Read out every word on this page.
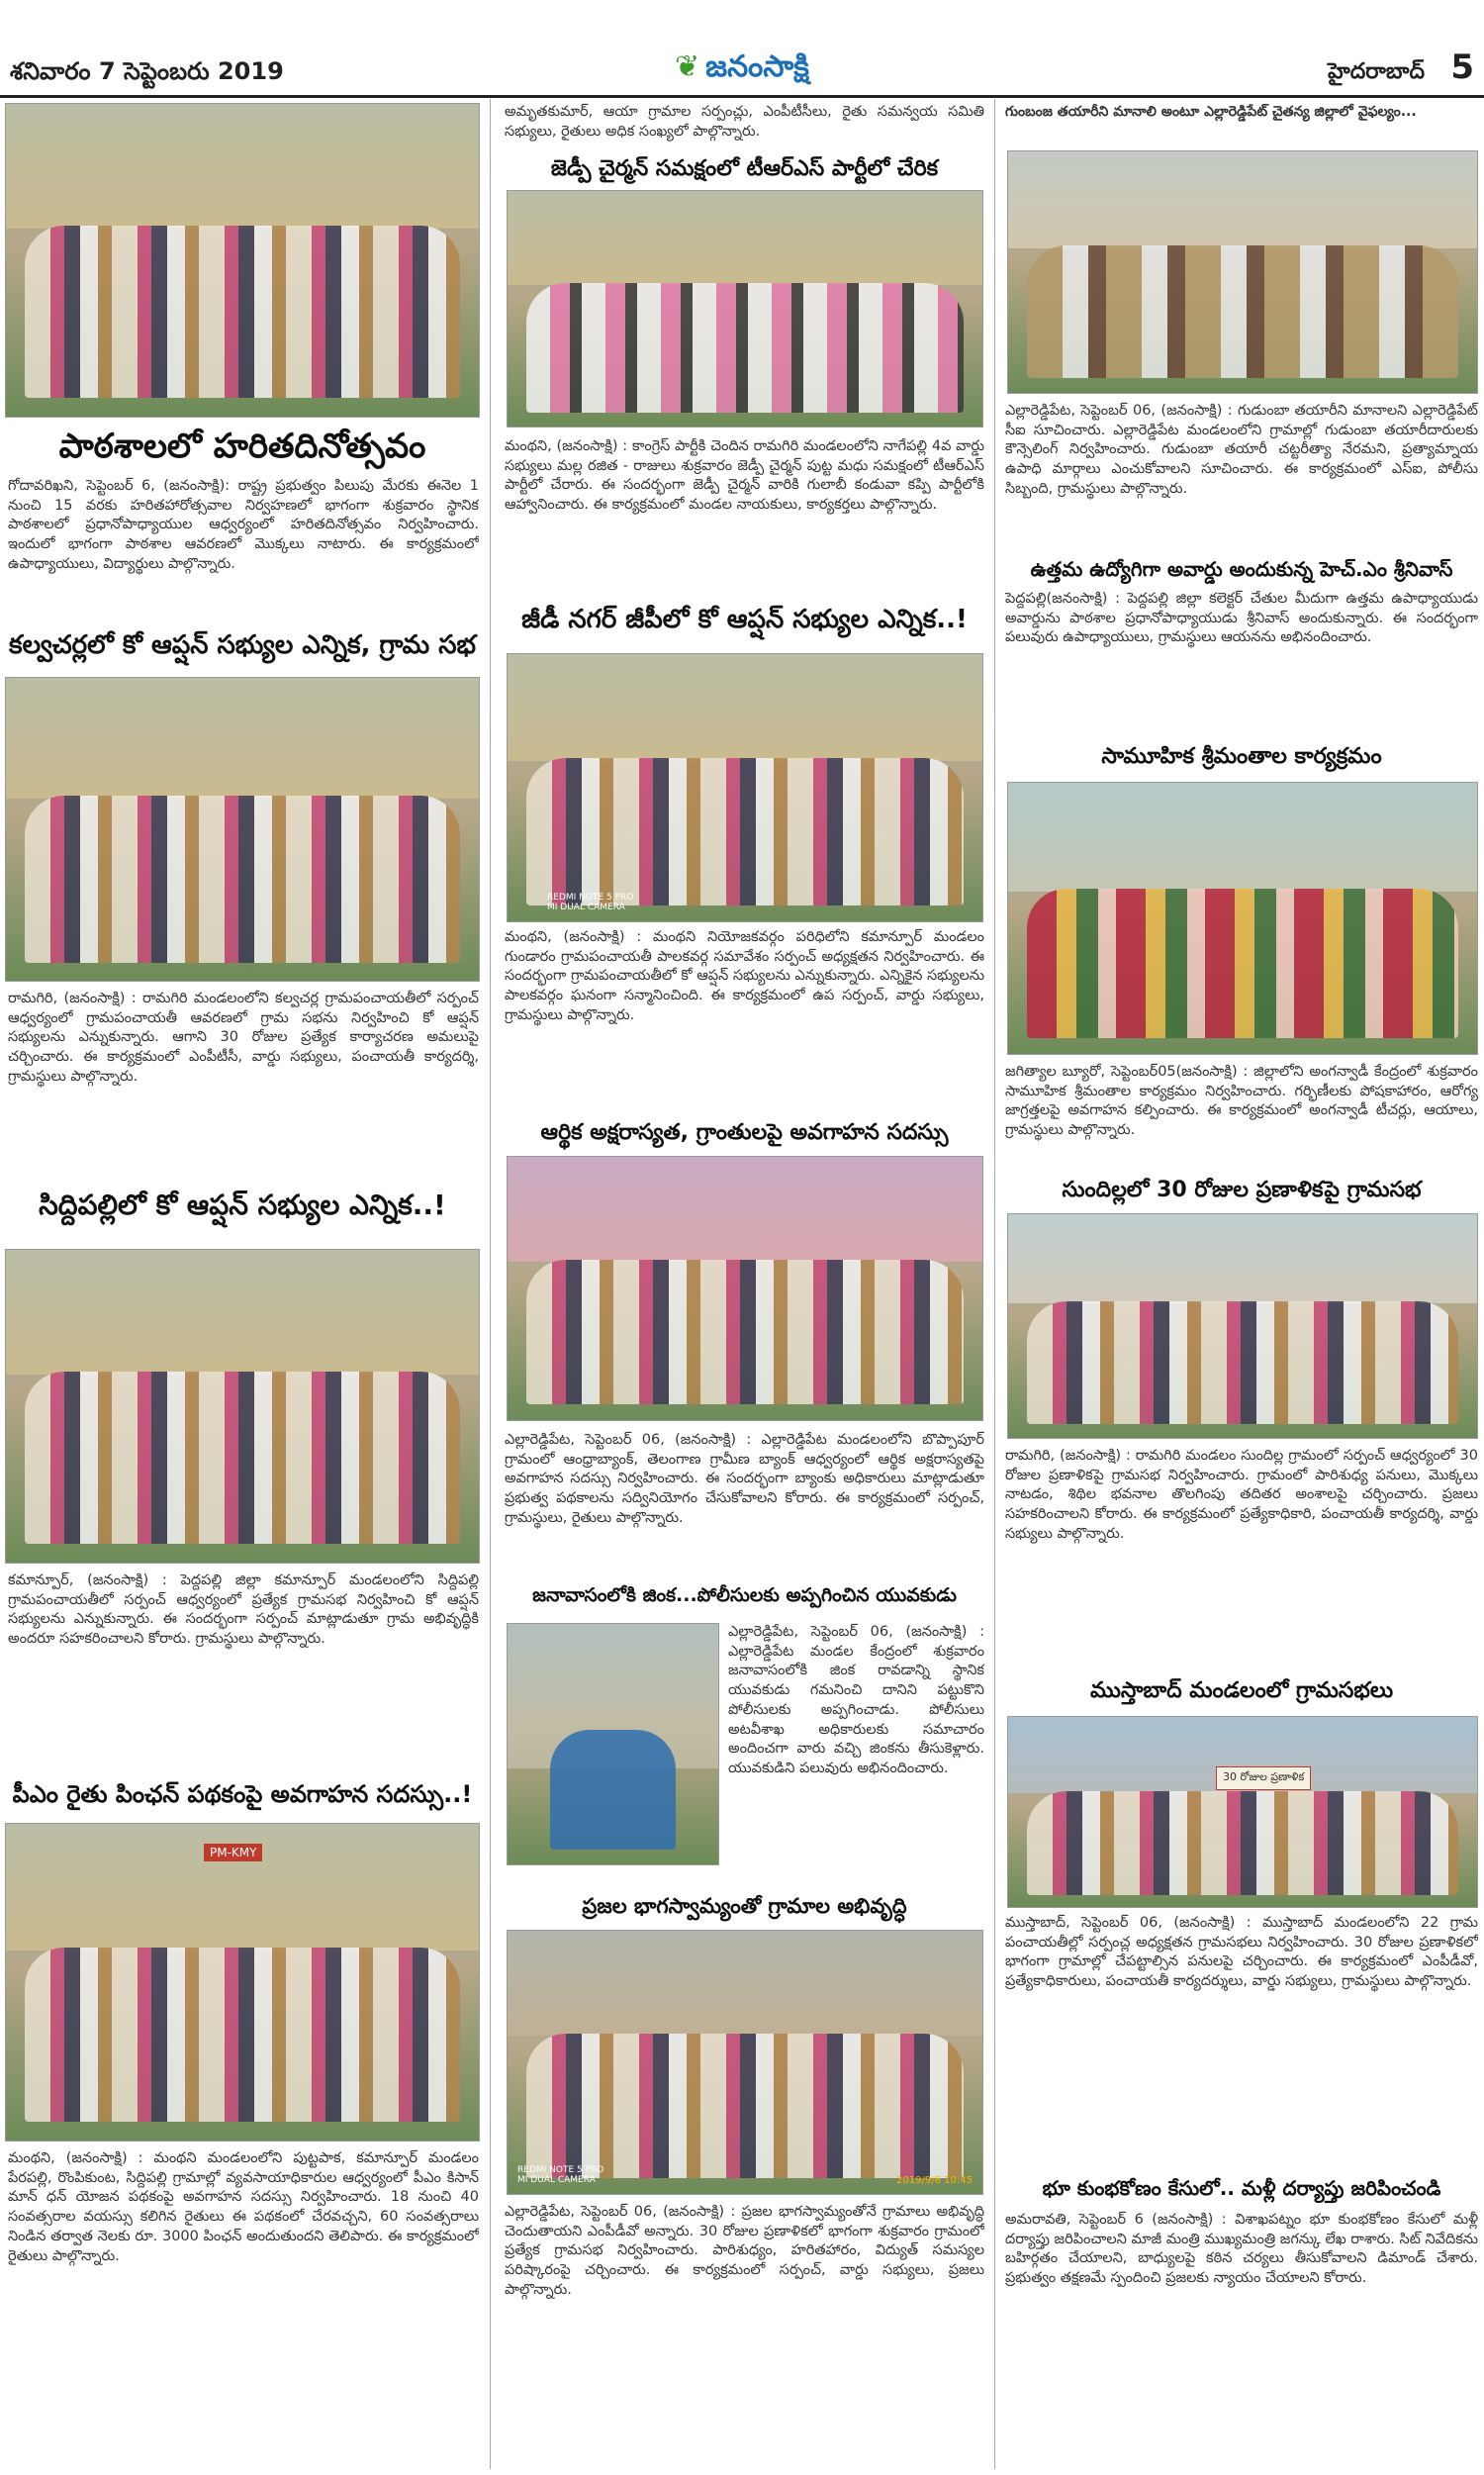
శనివారం 7 సెప్టెంబరు 2019	❦ జనంసాక్షి	హైదరాబాద్ 5
పాఠశాలలో హరితదినోత్సవం
గోదావరిఖని, సెప్టెంబర్ 6, (జనంసాక్షి): రాష్ట్ర ప్రభుత్వం పిలుపు మేరకు ఈనెల 1 నుంచి 15 వరకు హరితహారోత్సవాల నిర్వహణలో భాగంగా శుక్రవారం స్థానిక పాఠశాలలో ప్రధానోపాధ్యాయుల ఆధ్వర్యంలో హరితదినోత్సవం నిర్వహించారు. ఇందులో భాగంగా పాఠశాల ఆవరణలో మొక్కలు నాటారు. ఈ కార్యక్రమంలో ఉపాధ్యాయులు, విద్యార్థులు పాల్గొన్నారు.
కల్వచర్లలో కో ఆప్షన్ సభ్యుల ఎన్నిక, గ్రామ సభ
రామగిరి, (జనంసాక్షి) : రామగిరి మండలంలోని కల్వచర్ల గ్రామపంచాయతీలో సర్పంచ్ ఆధ్వర్యంలో గ్రామపంచాయతీ ఆవరణలో గ్రామ సభను నిర్వహించి కో ఆప్షన్ సభ్యులను ఎన్నుకున్నారు. ఆగాని 30 రోజుల ప్రత్యేక కార్యాచరణ అమలుపై చర్చించారు. ఈ కార్యక్రమంలో ఎంపీటీసీ, వార్డు సభ్యులు, పంచాయతీ కార్యదర్శి, గ్రామస్థులు పాల్గొన్నారు.
సిద్దిపల్లిలో కో ఆప్షన్ సభ్యుల ఎన్నిక..!
కమాన్పూర్, (జనంసాక్షి) : పెద్దపల్లి జిల్లా కమాన్పూర్ మండలంలోని సిద్దిపల్లి గ్రామపంచాయతీలో సర్పంచ్ ఆధ్వర్యంలో ప్రత్యేక గ్రామసభ నిర్వహించి కో ఆప్షన్ సభ్యులను ఎన్నుకున్నారు. ఈ సందర్భంగా సర్పంచ్ మాట్లాడుతూ గ్రామ అభివృద్ధికి అందరూ సహకరించాలని కోరారు. గ్రామస్థులు పాల్గొన్నారు.
పీఎం రైతు పింఛన్ పథకంపై అవగాహన సదస్సు..!
PM-KMY
మంథని, (జనంసాక్షి) : మంథని మండలంలోని పుట్టపాక, కమాన్పూర్ మండలం పేరపల్లి, రొంపికుంట, సిద్దిపల్లి గ్రామాల్లో వ్యవసాయాధికారుల ఆధ్వర్యంలో పీఎం కిసాన్ మాన్ ధన్ యోజన పథకంపై అవగాహన సదస్సు నిర్వహించారు. 18 నుంచి 40 సంవత్సరాల వయస్సు కలిగిన రైతులు ఈ పథకంలో చేరవచ్చని, 60 సంవత్సరాలు నిండిన తర్వాత నెలకు రూ. 3000 పింఛన్ అందుతుందని తెలిపారు. ఈ కార్యక్రమంలో రైతులు పాల్గొన్నారు.
అమృతకుమార్, ఆయా గ్రామాల సర్పంచ్లు, ఎంపీటీసీలు, రైతు సమన్వయ సమితి సభ్యులు, రైతులు అధిక సంఖ్యలో పాల్గొన్నారు.
జెడ్పీ చైర్మన్ సమక్షంలో టీఆర్ఎస్ పార్టీలో చేరిక
మంథని, (జనంసాక్షి) : కాంగ్రెస్ పార్టీకి చెందిన రామగిరి మండలంలోని నాగేపల్లి 4వ వార్డు సభ్యులు మల్ల రజిత - రాజులు శుక్రవారం జెడ్పీ చైర్మన్ పుట్ట మధు సమక్షంలో టీఆర్ఎస్ పార్టీలో చేరారు. ఈ సందర్భంగా జెడ్పీ చైర్మన్ వారికి గులాబీ కండువా కప్పి పార్టీలోకి ఆహ్వానించారు. ఈ కార్యక్రమంలో మండల నాయకులు, కార్యకర్తలు పాల్గొన్నారు.
జీడీ నగర్ జీపీలో కో ఆప్షన్ సభ్యుల ఎన్నిక..!
REDMI NOTE 5 PRO
MI DUAL CAMERA
మంథని, (జనంసాక్షి) : మంథని నియోజకవర్గం పరిధిలోని కమాన్పూర్ మండలం గుండారం గ్రామపంచాయతీ పాలకవర్గ సమావేశం సర్పంచ్ అధ్యక్షతన నిర్వహించారు. ఈ సందర్భంగా గ్రామపంచాయతీలో కో ఆప్షన్ సభ్యులను ఎన్నుకున్నారు. ఎన్నికైన సభ్యులను పాలకవర్గం ఘనంగా సన్మానించింది. ఈ కార్యక్రమంలో ఉప సర్పంచ్, వార్డు సభ్యులు, గ్రామస్థులు పాల్గొన్నారు.
ఆర్థిక అక్షరాస్యత, గ్రాంతులపై అవగాహన సదస్సు
ఎల్లారెడ్డిపేట, సెప్టెంబర్ 06, (జనంసాక్షి) : ఎల్లారెడ్డిపేట మండలంలోని బొప్పాపూర్ గ్రామంలో ఆంధ్రాబ్యాంక్, తెలంగాణ గ్రామీణ బ్యాంక్ ఆధ్వర్యంలో ఆర్థిక అక్షరాస్యతపై అవగాహన సదస్సు నిర్వహించారు. ఈ సందర్భంగా బ్యాంకు అధికారులు మాట్లాడుతూ ప్రభుత్వ పథకాలను సద్వినియోగం చేసుకోవాలని కోరారు. ఈ కార్యక్రమంలో సర్పంచ్, గ్రామస్థులు, రైతులు పాల్గొన్నారు.
జనావాసంలోకి జింక...పోలీసులకు అప్పగించిన యువకుడు
ఎల్లారెడ్డిపేట, సెప్టెంబర్ 06, (జనంసాక్షి) : ఎల్లారెడ్డిపేట మండల కేంద్రంలో శుక్రవారం జనావాసంలోకి జింక రావడాన్ని స్థానిక యువకుడు గమనించి దానిని పట్టుకొని పోలీసులకు అప్పగించాడు. పోలీసులు అటవీశాఖ అధికారులకు సమాచారం అందించగా వారు వచ్చి జింకను తీసుకెళ్లారు. యువకుడిని పలువురు అభినందించారు.
ప్రజల భాగస్వామ్యంతో గ్రామాల అభివృద్ధి
REDMI NOTE 5 PRO
MI DUAL CAMERA	2019/9/6 10:45
ఎల్లారెడ్డిపేట, సెప్టెంబర్ 06, (జనంసాక్షి) : ప్రజల భాగస్వామ్యంతోనే గ్రామాలు అభివృద్ధి చెందుతాయని ఎంపీడీవో అన్నారు. 30 రోజుల ప్రణాళికలో భాగంగా శుక్రవారం గ్రామంలో ప్రత్యేక గ్రామసభ నిర్వహించారు. పారిశుధ్యం, హరితహారం, విద్యుత్ సమస్యల పరిష్కారంపై చర్చించారు. ఈ కార్యక్రమంలో సర్పంచ్, వార్డు సభ్యులు, ప్రజలు పాల్గొన్నారు.
గుంబంజ తయారీని మానాలి అంటూ ఎల్లారెడ్డిపేట్ చైతన్య జిల్లాలో వైఫల్యం...
ఎల్లారెడ్డిపేట, సెప్టెంబర్ 06, (జనంసాక్షి) : గుడుంబా తయారీని మానాలని ఎల్లారెడ్డిపేట్ సీఐ సూచించారు. ఎల్లారెడ్డిపేట మండలంలోని గ్రామాల్లో గుడుంబా తయారీదారులకు కౌన్సెలింగ్ నిర్వహించారు. గుడుంబా తయారీ చట్టరీత్యా నేరమని, ప్రత్యామ్నాయ ఉపాధి మార్గాలు ఎంచుకోవాలని సూచించారు. ఈ కార్యక్రమంలో ఎస్ఐ, పోలీసు సిబ్బంది, గ్రామస్థులు పాల్గొన్నారు.
ఉత్తమ ఉద్యోగిగా అవార్డు అందుకున్న హెచ్.ఎం శ్రీనివాస్
పెద్దపల్లి(జనంసాక్షి) : పెద్దపల్లి జిల్లా కలెక్టర్ చేతుల మీదుగా ఉత్తమ ఉపాధ్యాయుడు అవార్డును పాఠశాల ప్రధానోపాధ్యాయుడు శ్రీనివాస్ అందుకున్నారు. ఈ సందర్భంగా పలువురు ఉపాధ్యాయులు, గ్రామస్థులు ఆయనను అభినందించారు.
సామూహిక శ్రీమంతాల కార్యక్రమం
జగిత్యాల బ్యూరో, సెప్టెంబర్05(జనంసాక్షి) : జిల్లాలోని అంగన్వాడీ కేంద్రంలో శుక్రవారం సామూహిక శ్రీమంతాల కార్యక్రమం నిర్వహించారు. గర్భిణీలకు పోషకాహారం, ఆరోగ్య జాగ్రత్తలపై అవగాహన కల్పించారు. ఈ కార్యక్రమంలో అంగన్వాడీ టీచర్లు, ఆయాలు, గ్రామస్థులు పాల్గొన్నారు.
సుందిల్లలో 30 రోజుల ప్రణాళికపై గ్రామసభ
రామగిరి, (జనంసాక్షి) : రామగిరి మండలం సుందిల్ల గ్రామంలో సర్పంచ్ ఆధ్వర్యంలో 30 రోజుల ప్రణాళికపై గ్రామసభ నిర్వహించారు. గ్రామంలో పారిశుధ్య పనులు, మొక్కలు నాటడం, శిథిల భవనాల తొలగింపు తదితర అంశాలపై చర్చించారు. ప్రజలు సహకరించాలని కోరారు. ఈ కార్యక్రమంలో ప్రత్యేకాధికారి, పంచాయతీ కార్యదర్శి, వార్డు సభ్యులు పాల్గొన్నారు.
ముస్తాబాద్ మండలంలో గ్రామసభలు
30 రోజుల ప్రణాళిక
ముస్తాబాద్, సెప్టెంబర్ 06, (జనంసాక్షి) : ముస్తాబాద్ మండలంలోని 22 గ్రామ పంచాయతీల్లో సర్పంచ్ల అధ్యక్షతన గ్రామసభలు నిర్వహించారు. 30 రోజుల ప్రణాళికలో భాగంగా గ్రామాల్లో చేపట్టాల్సిన పనులపై చర్చించారు. ఈ కార్యక్రమంలో ఎంపీడీవో, ప్రత్యేకాధికారులు, పంచాయతీ కార్యదర్శులు, వార్డు సభ్యులు, గ్రామస్థులు పాల్గొన్నారు.
భూ కుంభకోణం కేసులో.. మళ్లీ దర్యాప్తు జరిపించండి
అమరావతి, సెప్టెంబర్ 6 (జనంసాక్షి) : విశాఖపట్నం భూ కుంభకోణం కేసులో మళ్లీ దర్యాప్తు జరిపించాలని మాజీ మంత్రి ముఖ్యమంత్రి జగన్కు లేఖ రాశారు. సిట్ నివేదికను బహిర్గతం చేయాలని, బాధ్యులపై కఠిన చర్యలు తీసుకోవాలని డిమాండ్ చేశారు. ప్రభుత్వం తక్షణమే స్పందించి ప్రజలకు న్యాయం చేయాలని కోరారు.
